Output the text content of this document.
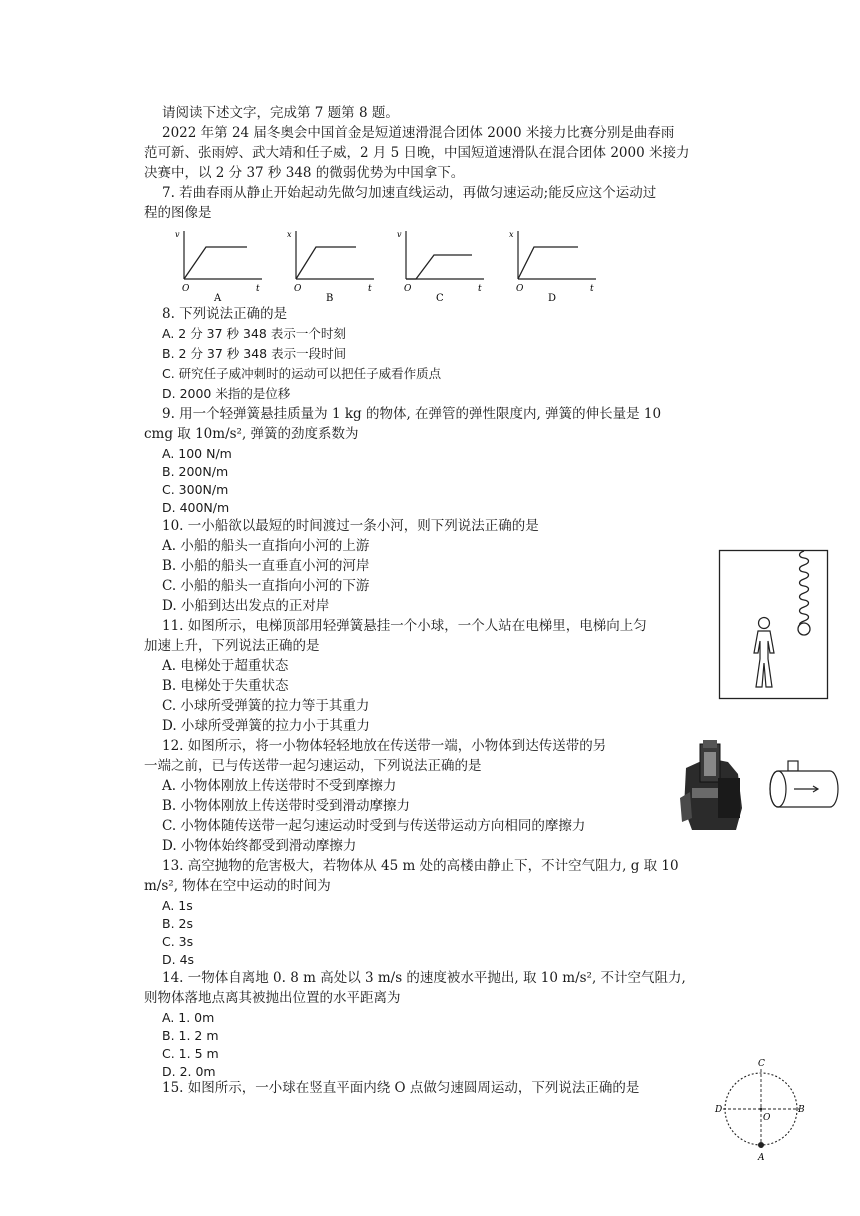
请阅读下述文字，完成第 7 题第 8 题。
2022 年第 24 届冬奥会中国首金是短道速滑混合团体 2000 米接力比赛分别是曲春雨
范可新、张雨婷、武大靖和任子威，2 月 5 日晚，中国短道速滑队在混合团体 2000 米接力
决赛中，以 2 分 37 秒 348 的微弱优势为中国拿下。
7. 若曲春雨从静止开始起动先做匀加速直线运动，再做匀速运动;能反应这个运动过
程的图像是
v
O	t
A
x
O	t
B
v
O	t
C
x
O	t
D
8. 下列说法正确的是
A. 2 分 37 秒 348 表示一个时刻
B. 2 分 37 秒 348 表示一段时间
C. 研究任子威冲刺时的运动可以把任子威看作质点
D. 2000 米指的是位移
9. 用一个轻弹簧悬挂质量为 1 kg 的物体, 在弹管的弹性限度内, 弹簧的伸长量是 10
cmg 取 10m/s², 弹簧的劲度系数为
A. 100 N/m
B. 200N/m
C. 300N/m
D. 400N/m
10. 一小船欲以最短的时间渡过一条小河，则下列说法正确的是
A. 小船的船头一直指向小河的上游
B. 小船的船头一直垂直小河的河岸
C. 小船的船头一直指向小河的下游
D. 小船到达出发点的正对岸
11. 如图所示，电梯顶部用轻弹簧悬挂一个小球，一个人站在电梯里，电梯向上匀
加速上升，下列说法正确的是
A. 电梯处于超重状态
B. 电梯处于失重状态
C. 小球所受弹簧的拉力等于其重力
D. 小球所受弹簧的拉力小于其重力
12. 如图所示，将一小物体轻轻地放在传送带一端，小物体到达传送带的另
一端之前，已与传送带一起匀速运动，下列说法正确的是
A. 小物体刚放上传送带时不受到摩擦力
B. 小物体刚放上传送带时受到滑动摩擦力
C. 小物体随传送带一起匀速运动时受到与传送带运动方向相同的摩擦力
D. 小物体始终都受到滑动摩擦力
13. 高空抛物的危害极大，若物体从 45 m 处的高楼由静止下，不计空气阻力, g 取 10
m/s², 物体在空中运动的时间为
A. 1s
B. 2s
C. 3s
D. 4s
14. 一物体自离地 0. 8 m 高处以 3 m/s 的速度被水平抛出, 取 10 m/s², 不计空气阻力,
则物体落地点离其被抛出位置的水平距离为
A. 1. 0m
B. 1. 2 m
C. 1. 5 m
D. 2. 0m
15. 如图所示，一小球在竖直平面内绕 O 点做匀速圆周运动，下列说法正确的是
C
D	B
O
A
